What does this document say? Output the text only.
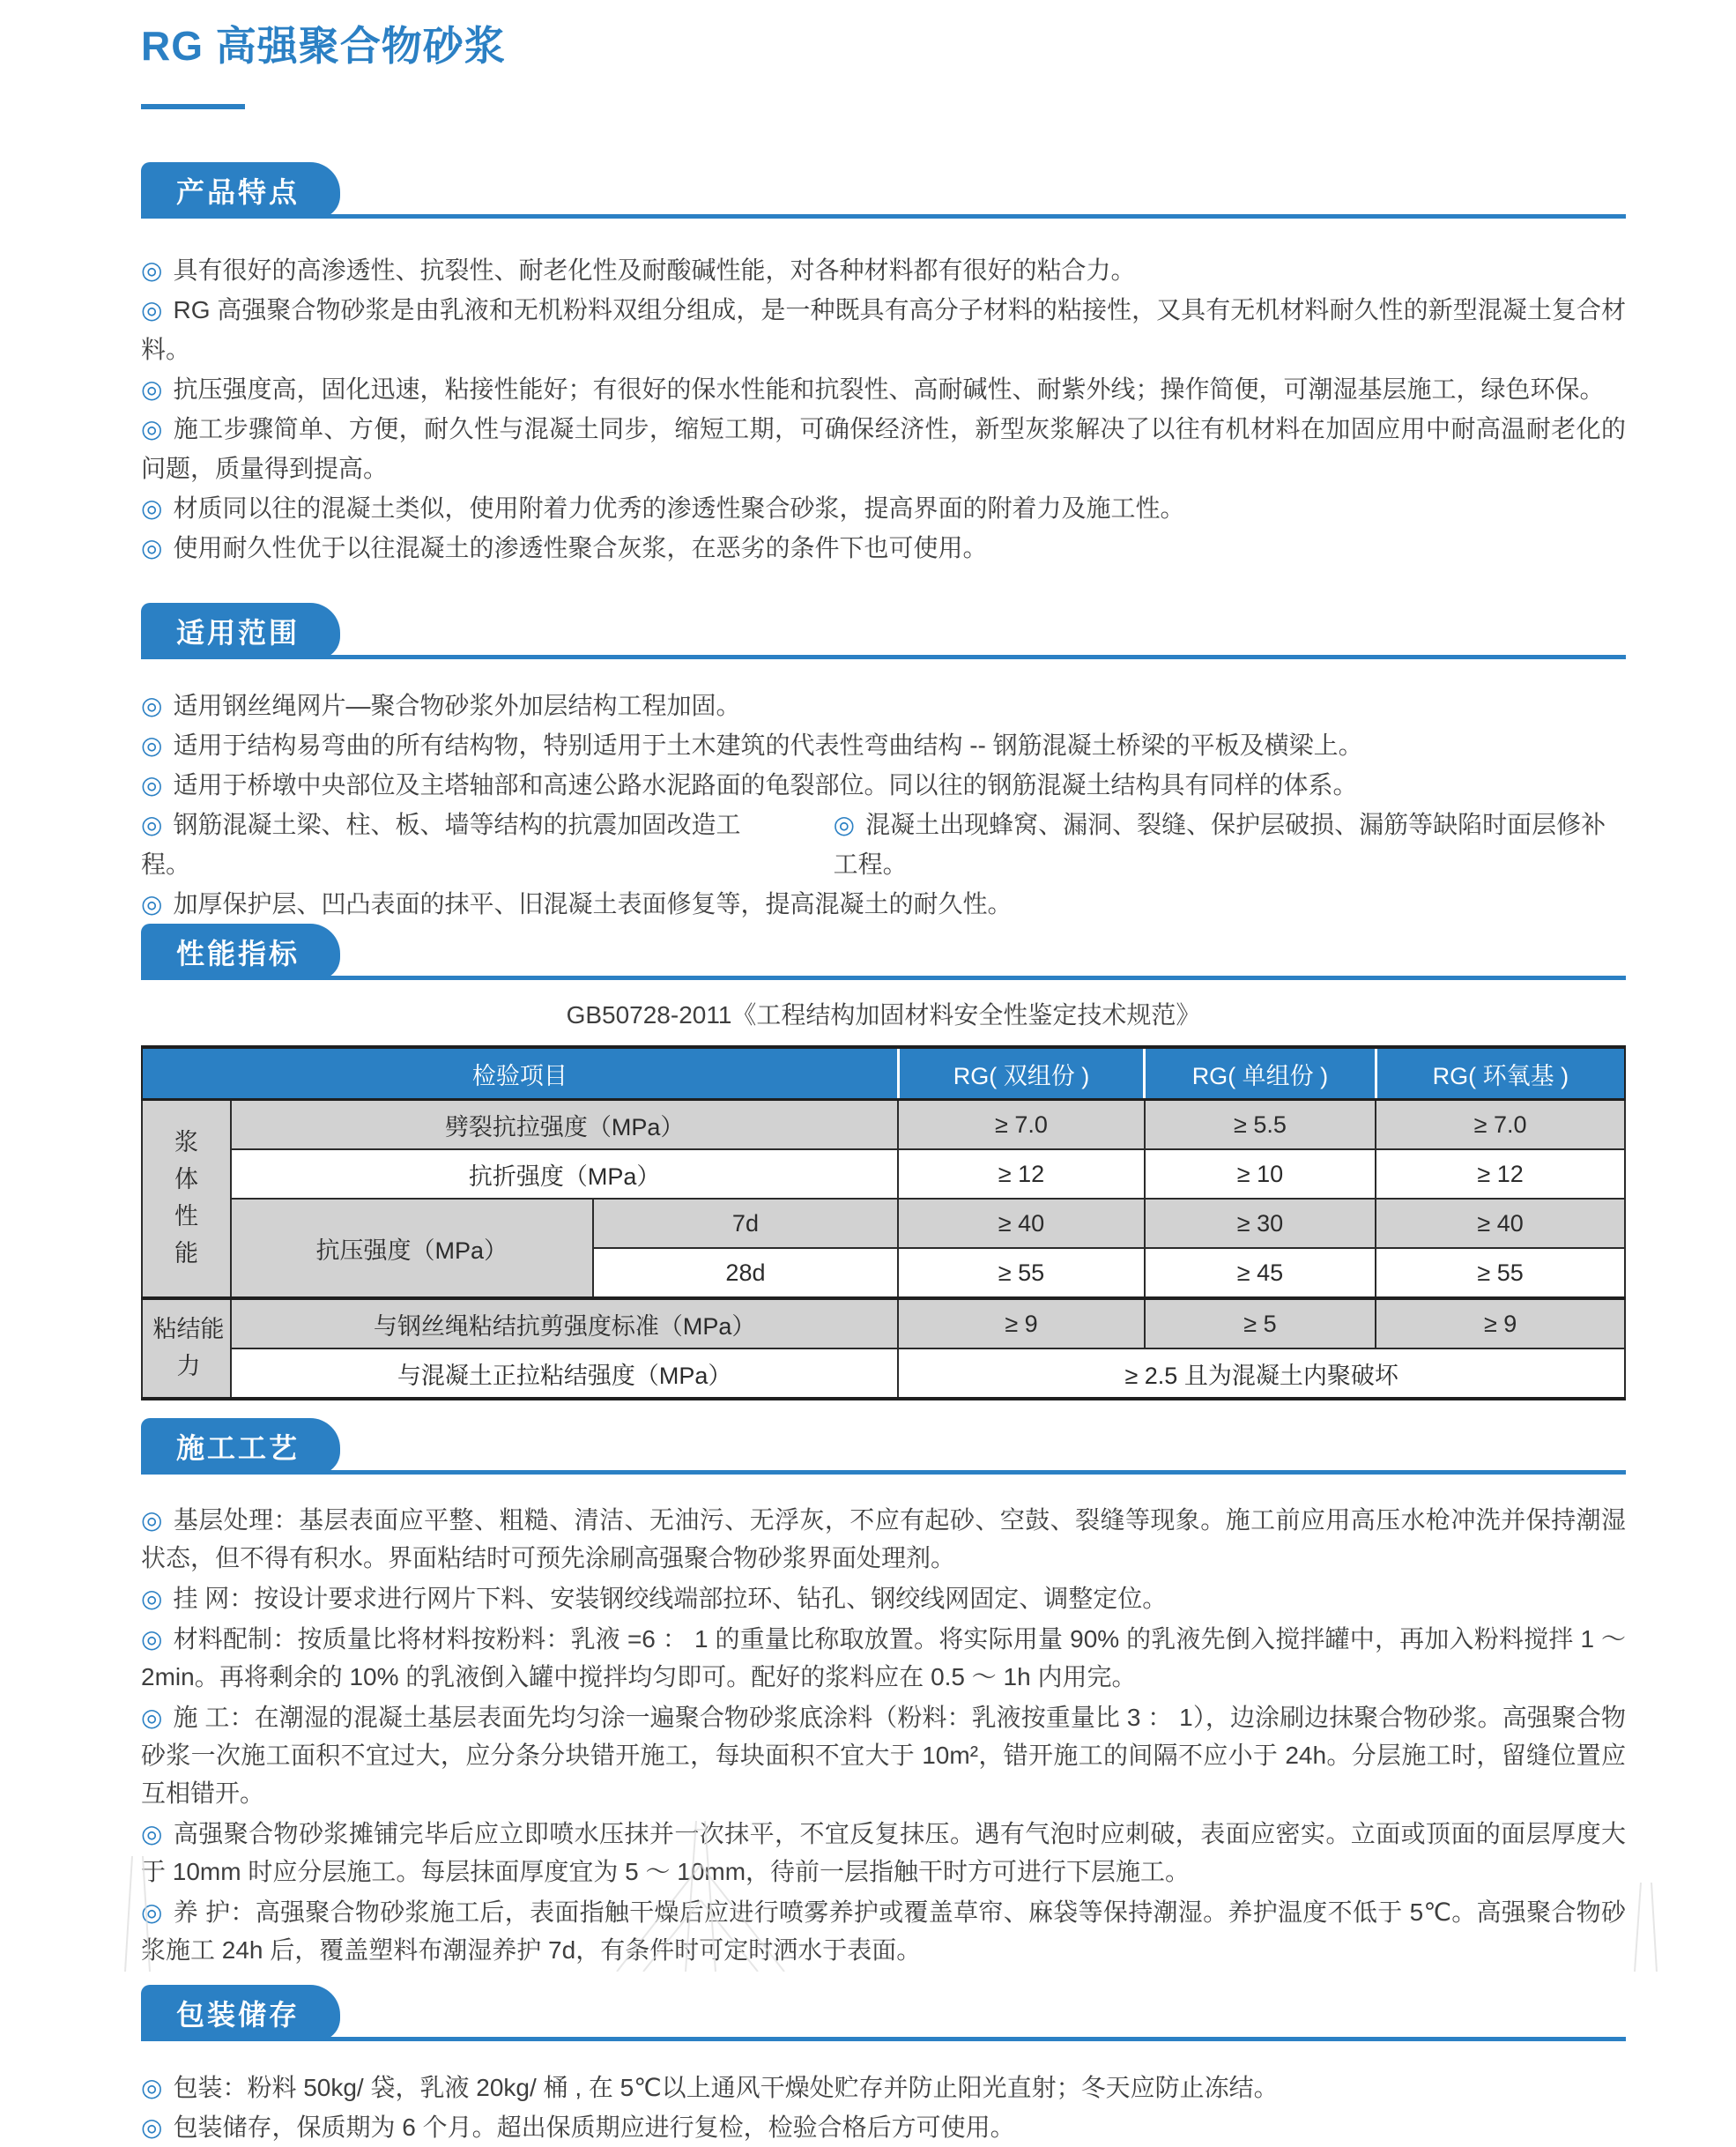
RG 高强聚合物砂浆
产品特点

◎ 具有很好的高渗透性、抗裂性、耐老化性及耐酸碱性能，对各种材料都有很好的粘合力。

◎ RG 高强聚合物砂浆是由乳液和无机粉料双组分组成，是一种既具有高分子材料的粘接性，又具有无机材料耐久性的新型混凝土复合材料。

◎ 抗压强度高，固化迅速，粘接性能好；有很好的保水性能和抗裂性、高耐碱性、耐紫外线；操作简便，可潮湿基层施工，绿色环保。

◎ 施工步骤简单、方便，耐久性与混凝土同步，缩短工期，可确保经济性，新型灰浆解决了以往有机材料在加固应用中耐高温耐老化的问题，质量得到提高。

◎ 材质同以往的混凝土类似，使用附着力优秀的渗透性聚合砂浆，提高界面的附着力及施工性。

◎ 使用耐久性优于以往混凝土的渗透性聚合灰浆，在恶劣的条件下也可使用。

适用范围

◎ 适用钢丝绳网片—聚合物砂浆外加层结构工程加固。

◎ 适用于结构易弯曲的所有结构物，特别适用于土木建筑的代表性弯曲结构 -- 钢筋混凝土桥梁的平板及横梁上。

◎ 适用于桥墩中央部位及主塔轴部和高速公路水泥路面的龟裂部位。同以往的钢筋混凝土结构具有同样的体系。

◎ 钢筋混凝土梁、柱、板、墙等结构的抗震加固改造工程。
◎ 混凝土出现蜂窝、漏洞、裂缝、保护层破损、漏筋等缺陷时面层修补工程。

◎ 加厚保护层、凹凸表面的抹平、旧混凝土表面修复等，提高混凝土的耐久性。

性能指标
GB50728-2011《工程结构加固材料安全性鉴定技术规范》
检验项目			RG( 双组份 )	RG( 单组份 )	RG( 环氧基 )
浆体性能	劈裂抗拉强度（MPa）		≥ 7.0	≥ 5.5	≥ 7.0
	抗折强度（MPa）		≥ 12	≥ 10	≥ 12
	抗压强度（MPa）	7d	≥ 40	≥ 30	≥ 40
		28d	≥ 55	≥ 45	≥ 55
粘结能力	与钢丝绳粘结抗剪强度标准（MPa）		≥ 9	≥ 5	≥ 9
	与混凝土正拉粘结强度（MPa）		≥ 2.5 且为混凝土内聚破坏		
施工工艺

◎ 基层处理：基层表面应平整、粗糙、清洁、无油污、无浮灰，不应有起砂、空鼓、裂缝等现象。施工前应用高压水枪冲洗并保持潮湿状态，但不得有积水。界面粘结时可预先涂刷高强聚合物砂浆界面处理剂。

◎ 挂 网：按设计要求进行网片下料、安装钢绞线端部拉环、钻孔、钢绞线网固定、调整定位。

◎ 材料配制：按质量比将材料按粉料：乳液 =6 ： 1 的重量比称取放置。将实际用量 90% 的乳液先倒入搅拌罐中，再加入粉料搅拌 1 ～ 2min。再将剩余的 10% 的乳液倒入罐中搅拌均匀即可。配好的浆料应在 0.5 ～ 1h 内用完。

◎ 施 工：在潮湿的混凝土基层表面先均匀涂一遍聚合物砂浆底涂料（粉料：乳液按重量比 3 ： 1），边涂刷边抹聚合物砂浆。高强聚合物砂浆一次施工面积不宜过大，应分条分块错开施工，每块面积不宜大于 10m²，错开施工的间隔不应小于 24h。分层施工时，留缝位置应互相错开。

◎ 高强聚合物砂浆摊铺完毕后应立即喷水压抹并一次抹平，不宜反复抹压。遇有气泡时应刺破，表面应密实。立面或顶面的面层厚度大于 10mm 时应分层施工。每层抹面厚度宜为 5 ～ 10mm，待前一层指触干时方可进行下层施工。

◎ 养 护：高强聚合物砂浆施工后，表面指触干燥后应进行喷雾养护或覆盖草帘、麻袋等保持潮湿。养护温度不低于 5℃。高强聚合物砂浆施工 24h 后，覆盖塑料布潮湿养护 7d，有条件时可定时洒水于表面。

包装储存

◎ 包装：粉料 50kg/ 袋，乳液 20kg/ 桶 , 在 5℃以上通风干燥处贮存并防止阳光直射；冬天应防止冻结。

◎ 包装储存，保质期为 6 个月。超出保质期应进行复检，检验合格后方可使用。
